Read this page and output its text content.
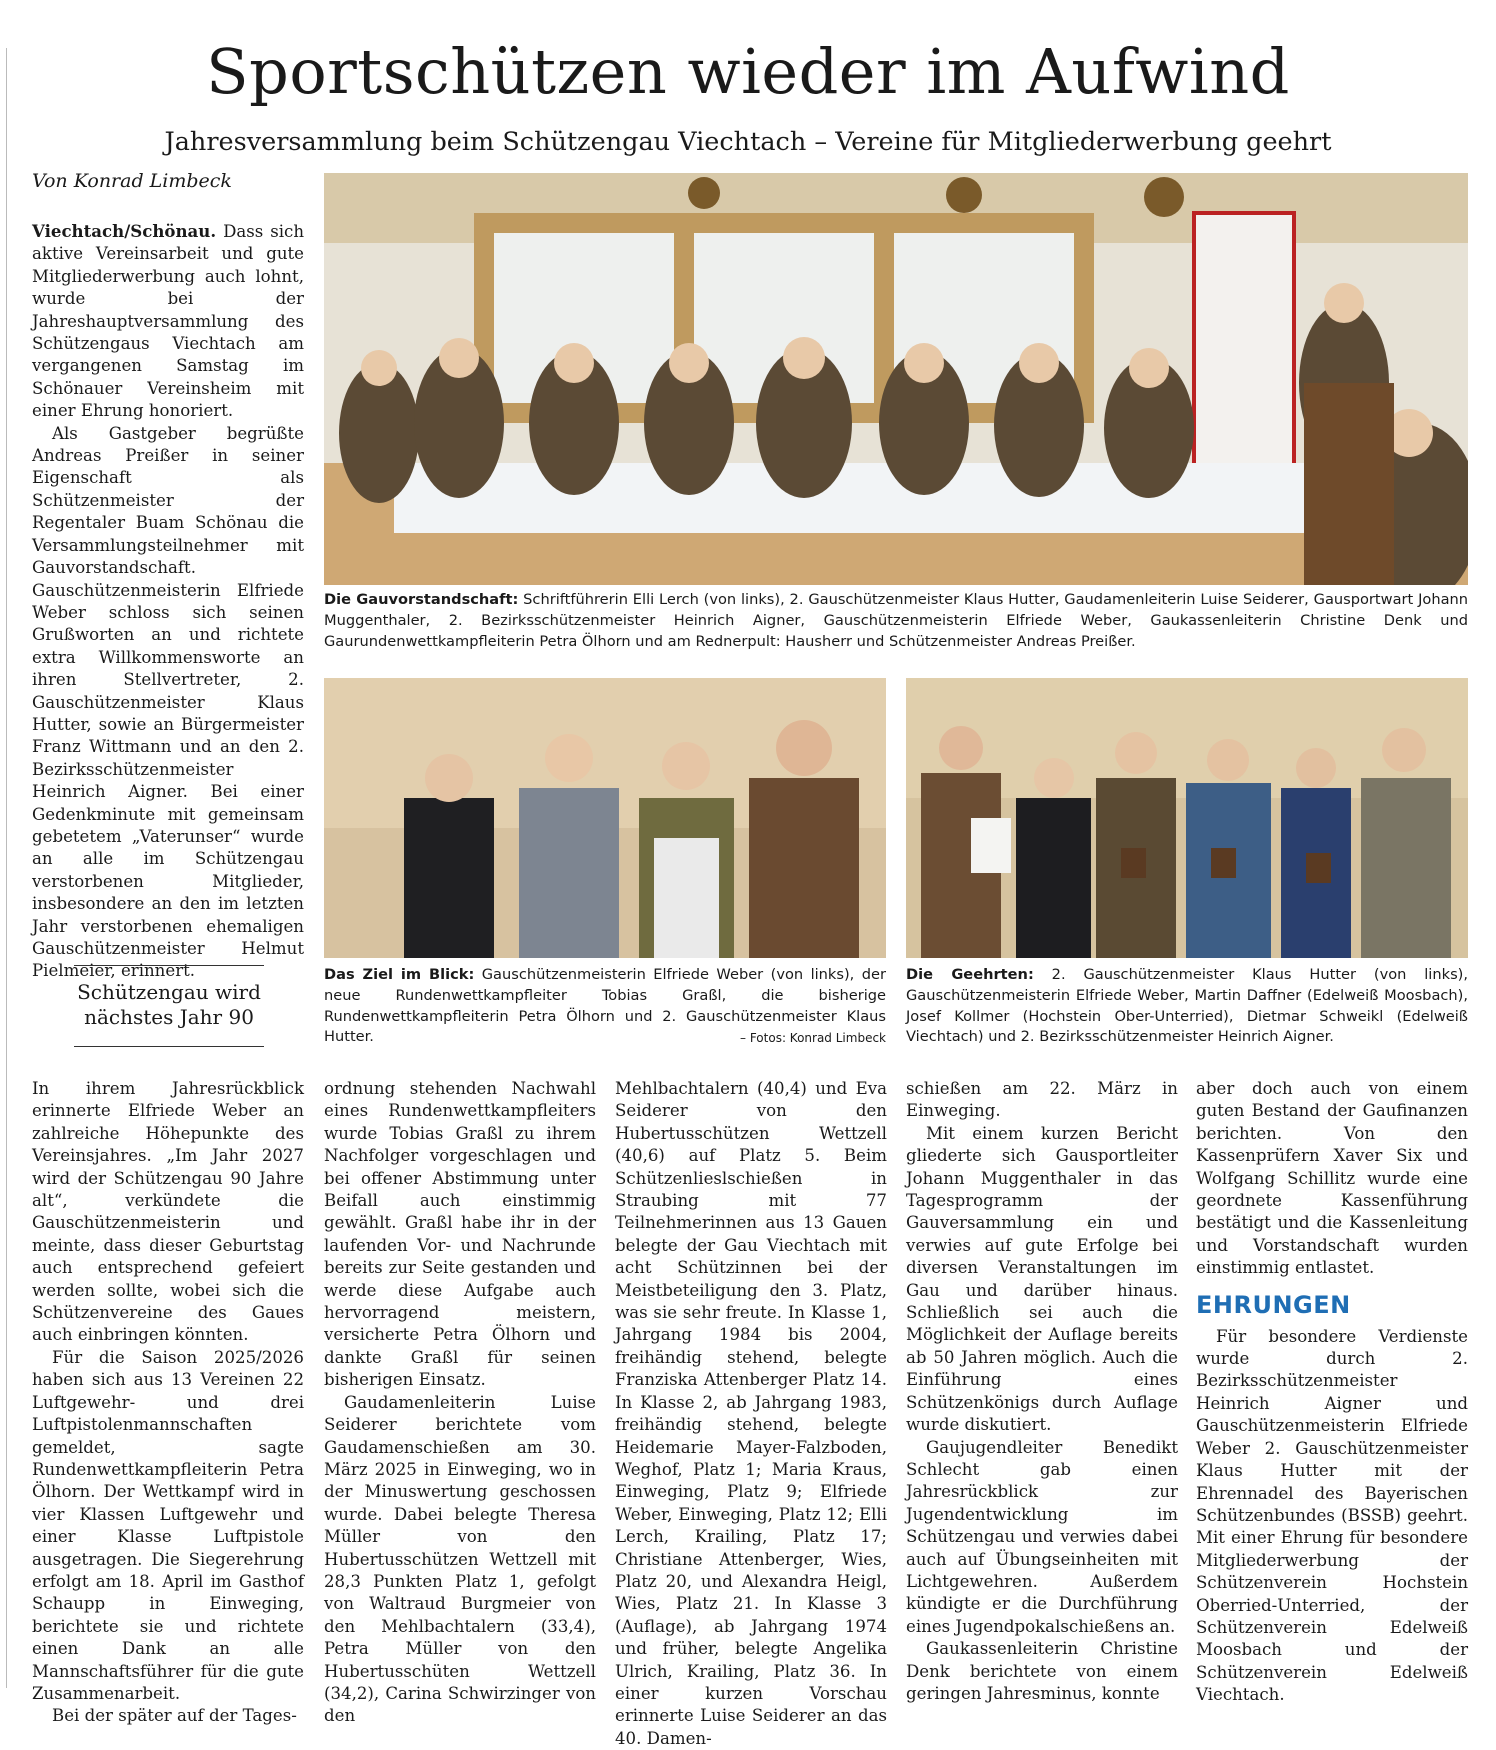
Sportschützen wieder im Aufwind
Jahresversammlung beim Schützengau Viechtach – Vereine für Mitgliederwerbung geehrt
Von Konrad Limbeck

Viechtach/Schönau. Dass sich aktive Vereinsarbeit und gute Mitgliederwerbung auch lohnt, wurde bei der Jahreshauptversammlung des Schützengaus Viechtach am vergangenen Samstag im Schönauer Vereinsheim mit einer Ehrung honoriert.

Als Gastgeber begrüßte Andreas Preißer in seiner Eigenschaft als Schützenmeister der Regentaler Buam Schönau die Versammlungsteilnehmer mit Gauvorstandschaft. Gauschützenmeisterin Elfriede Weber schloss sich seinen Grußworten an und richtete extra Willkommensworte an ihren Stellvertreter, 2. Gauschützenmeister Klaus Hutter, sowie an Bürgermeister Franz Wittmann und an den 2. Bezirksschützenmeister Heinrich Aigner. Bei einer Gedenkminute mit gemeinsam gebetetem „Vaterunser“ wurde an alle im Schützengau verstorbenen Mitglieder, insbesondere an den im letzten Jahr verstorbenen ehemaligen Gauschützenmeister Helmut Pielmeier, erinnert.

Schützengau wird nächstes Jahr 90

In ihrem Jahresrückblick erinnerte Elfriede Weber an zahlreiche Höhepunkte des Vereinsjahres. „Im Jahr 2027 wird der Schützengau 90 Jahre alt“, verkündete die Gauschützenmeisterin und meinte, dass dieser Geburtstag auch entsprechend gefeiert werden sollte, wobei sich die Schützenvereine des Gaues auch einbringen könnten.

Für die Saison 2025/2026 haben sich aus 13 Vereinen 22 Luftgewehr- und drei Luftpistolenmannschaften gemeldet, sagte Rundenwettkampfleiterin Petra Ölhorn. Der Wettkampf wird in vier Klassen Luftgewehr und einer Klasse Luftpistole ausgetragen. Die Siegerehrung erfolgt am 18. April im Gasthof Schaupp in Einweging, berichtete sie und richtete einen Dank an alle Mannschaftsführer für die gute Zusammenarbeit.

Bei der später auf der Tages-

Die Gauvorstandschaft: Schriftführerin Elli Lerch (von links), 2. Gauschützenmeister Klaus Hutter, Gaudamenleiterin Luise Seiderer, Gausportwart Johann Muggenthaler, 2. Bezirksschützenmeister Heinrich Aigner, Gauschützenmeisterin Elfriede Weber, Gaukassenleiterin Christine Denk und Gaurundenwettkampfleiterin Petra Ölhorn und am Rednerpult: Hausherr und Schützenmeister Andreas Preißer.
Das Ziel im Blick: Gauschützenmeisterin Elfriede Weber (von links), der neue Rundenwettkampfleiter Tobias Graßl, die bisherige Rundenwettkampfleiterin Petra Ölhorn und 2. Gauschützenmeister Klaus Hutter.	– Fotos: Konrad Limbeck
Die Geehrten: 2. Gauschützenmeister Klaus Hutter (von links), Gauschützenmeisterin Elfriede Weber, Martin Daffner (Edelweiß Moosbach), Josef Kollmer (Hochstein Ober-Unterried), Dietmar Schweikl (Edelweiß Viechtach) und 2. Bezirksschützenmeister Heinrich Aigner.

ordnung stehenden Nachwahl eines Rundenwettkampfleiters wurde Tobias Graßl zu ihrem Nachfolger vorgeschlagen und bei offener Abstimmung unter Beifall auch einstimmig gewählt. Graßl habe ihr in der laufenden Vor- und Nachrunde bereits zur Seite gestanden und werde diese Aufgabe auch hervorragend meistern, versicherte Petra Ölhorn und dankte Graßl für seinen bisherigen Einsatz.

Gaudamenleiterin Luise Seiderer berichtete vom Gaudamenschießen am 30. März 2025 in Einweging, wo in der Minuswertung geschossen wurde. Dabei belegte Theresa Müller von den Hubertusschützen Wettzell mit 28,3 Punkten Platz 1, gefolgt von Waltraud Burgmeier von den Mehlbachtalern (33,4), Petra Müller von den Hubertusschüten Wettzell (34,2), Carina Schwirzinger von den

Mehlbachtalern (40,4) und Eva Seiderer von den Hubertusschützen Wettzell (40,6) auf Platz 5. Beim Schützenlieslschießen in Straubing mit 77 Teilnehmerinnen aus 13 Gauen belegte der Gau Viechtach mit acht Schützinnen bei der Meistbeteiligung den 3. Platz, was sie sehr freute. In Klasse 1, Jahrgang 1984 bis 2004, freihändig stehend, belegte Franziska Attenberger Platz 14. In Klasse 2, ab Jahrgang 1983, freihändig stehend, belegte Heidemarie Mayer-Falzboden, Weghof, Platz 1; Maria Kraus, Einweging, Platz 9; Elfriede Weber, Einweging, Platz 12; Elli Lerch, Krailing, Platz 17; Christiane Attenberger, Wies, Platz 20, und Alexandra Heigl, Wies, Platz 21. In Klasse 3 (Auflage), ab Jahrgang 1974 und früher, belegte Angelika Ulrich, Krailing, Platz 36. In einer kurzen Vorschau erinnerte Luise Seiderer an das 40. Damen-

schießen am 22. März in Einweging.

Mit einem kurzen Bericht gliederte sich Gausportleiter Johann Muggenthaler in das Tagesprogramm der Gauversammlung ein und verwies auf gute Erfolge bei diversen Veranstaltungen im Gau und darüber hinaus. Schließlich sei auch die Möglichkeit der Auflage bereits ab 50 Jahren möglich. Auch die Einführung eines Schützenkönigs durch Auflage wurde diskutiert.

Gaujugendleiter Benedikt Schlecht gab einen Jahresrückblick zur Jugendentwicklung im Schützengau und verwies dabei auch auf Übungseinheiten mit Lichtgewehren. Außerdem kündigte er die Durchführung eines Jugendpokalschießens an.

Gaukassenleiterin Christine Denk berichtete von einem geringen Jahresminus, konnte

aber doch auch von einem guten Bestand der Gaufinanzen berichten. Von den Kassenprüfern Xaver Six und Wolfgang Schillitz wurde eine geordnete Kassenführung bestätigt und die Kassenleitung und Vorstandschaft wurden einstimmig entlastet.

EHRUNGEN

Für besondere Verdienste wurde durch 2. Bezirksschützenmeister Heinrich Aigner und Gauschützenmeisterin Elfriede Weber 2. Gauschützenmeister Klaus Hutter mit der Ehrennadel des Bayerischen Schützenbundes (BSSB) geehrt. Mit einer Ehrung für besondere Mitgliederwerbung der Schützenverein Hochstein Oberried-Unterried, der Schützenverein Edelweiß Moosbach und der Schützenverein Edelweiß Viechtach.
